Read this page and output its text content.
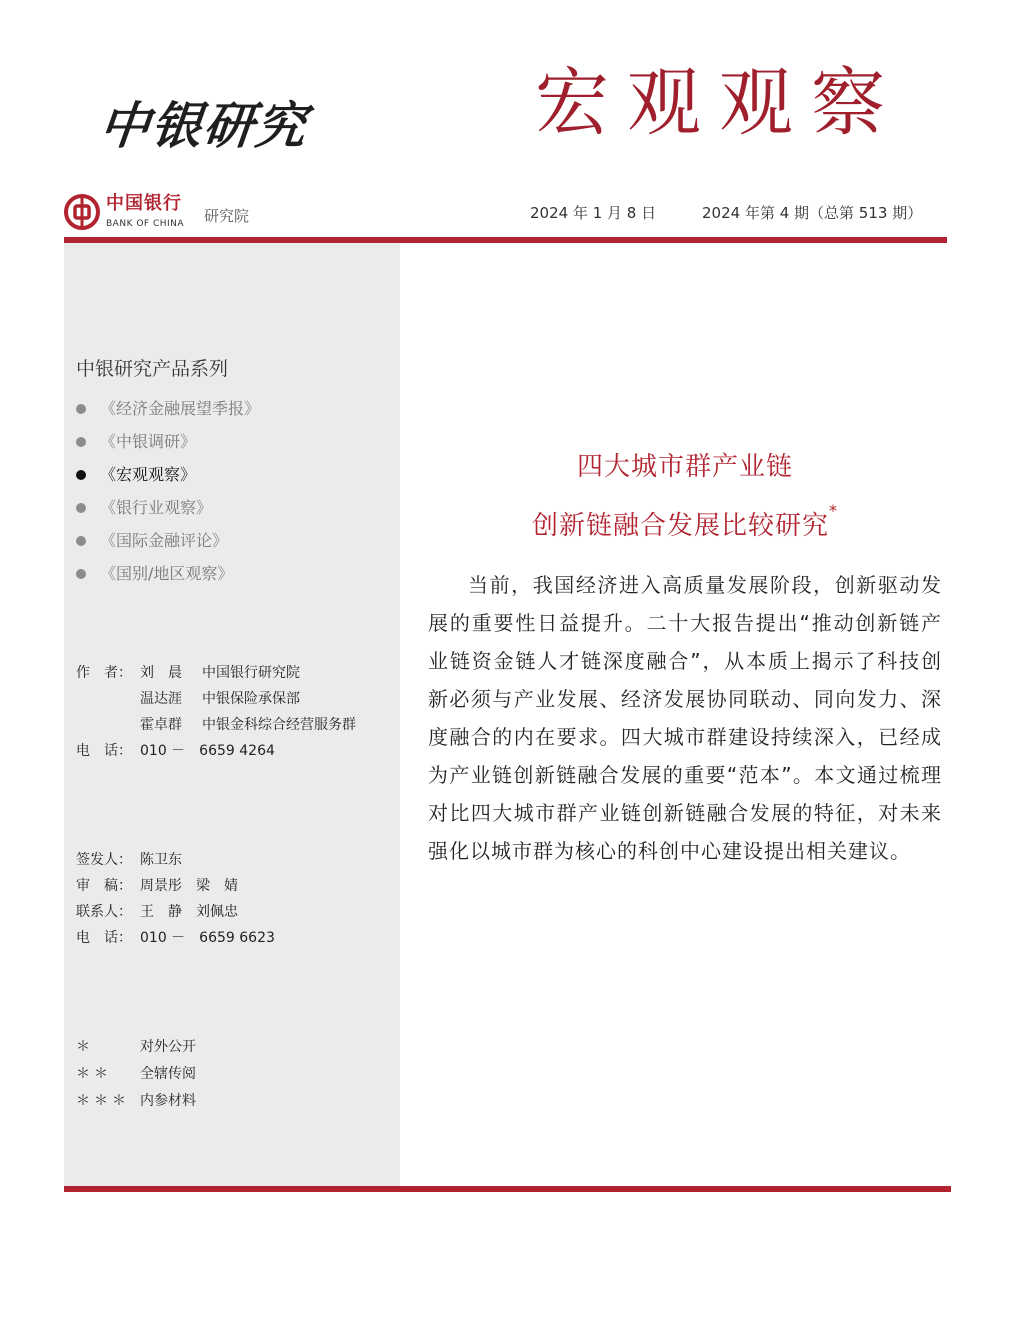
中银研究	宏观观察
中国银行
BANK OF CHINA 研究院	2024 年 1 月 8 日	2024 年第 4 期（总第 513 期）
中银研究产品系列
《经济金融展望季报》
《中银调研》
《宏观观察》
《银行业观察》
《国际金融评论》
《国别/地区观察》
作　者： 刘　晨	中国银行研究院
温达涯	中银保险承保部
霍卓群	中银金科综合经营服务群
电　话： 010 －　6659 4264
签发人： 陈卫东
审　稿： 周景彤　梁　婧
联系人： 王　静　刘佩忠
电　话： 010 －　6659 6623
＊	对外公开
＊＊	全辖传阅
＊＊＊ 内参材料
四大城市群产业链
创新链融合发展比较研究*
当前，我国经济进入高质量发展阶段，创新驱动发展的重要性日益提升。二十大报告提出“推动创新链产业链资金链人才链深度融合”，从本质上揭示了科技创新必须与产业发展、经济发展协同联动、同向发力、深度融合的内在要求。四大城市群建设持续深入，已经成为产业链创新链融合发展的重要“范本”。本文通过梳理对比四大城市群产业链创新链融合发展的特征，对未来强化以城市群为核心的科创中心建设提出相关建议。
